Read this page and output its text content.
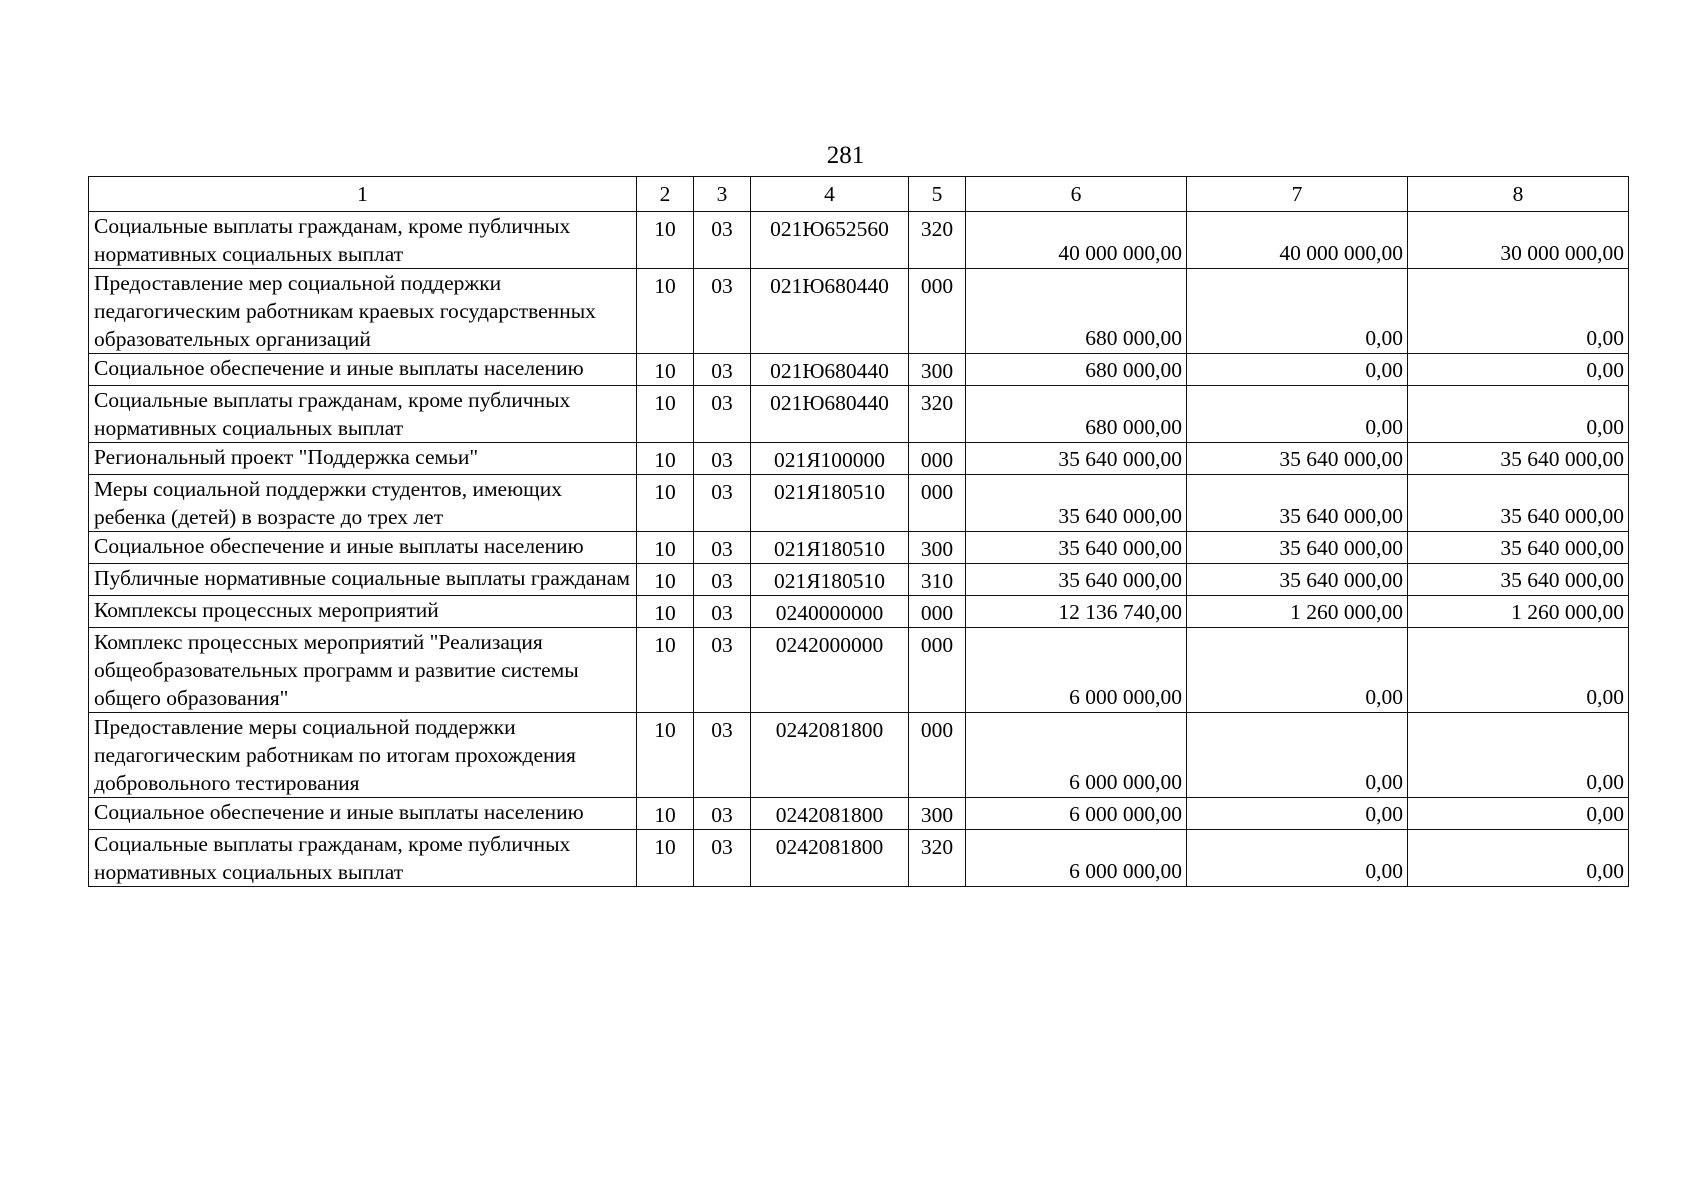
281
1	2	3	4	5	6	7	8
Социальные выплаты гражданам, кроме публичных нормативных социальных выплат	10	03	021Ю652560	320	40 000 000,00	40 000 000,00	30 000 000,00
Предоставление мер социальной поддержки педагогическим работникам краевых государственных образовательных организаций	10	03	021Ю680440	000	680 000,00	0,00	0,00
Социальное обеспечение и иные выплаты населению	10	03	021Ю680440	300	680 000,00	0,00	0,00
Социальные выплаты гражданам, кроме публичных нормативных социальных выплат	10	03	021Ю680440	320	680 000,00	0,00	0,00
Региональный проект "Поддержка семьи"	10	03	021Я100000	000	35 640 000,00	35 640 000,00	35 640 000,00
Меры социальной поддержки студентов, имеющих ребенка (детей) в возрасте до трех лет	10	03	021Я180510	000	35 640 000,00	35 640 000,00	35 640 000,00
Социальное обеспечение и иные выплаты населению	10	03	021Я180510	300	35 640 000,00	35 640 000,00	35 640 000,00
Публичные нормативные социальные выплаты гражданам	10	03	021Я180510	310	35 640 000,00	35 640 000,00	35 640 000,00
Комплексы процессных мероприятий	10	03	0240000000	000	12 136 740,00	1 260 000,00	1 260 000,00
Комплекс процессных мероприятий "Реализация общеобразовательных программ и развитие системы общего образования"	10	03	0242000000	000	6 000 000,00	0,00	0,00
Предоставление меры социальной поддержки педагогическим работникам по итогам прохождения добровольного тестирования	10	03	0242081800	000	6 000 000,00	0,00	0,00
Социальное обеспечение и иные выплаты населению	10	03	0242081800	300	6 000 000,00	0,00	0,00
Социальные выплаты гражданам, кроме публичных нормативных социальных выплат	10	03	0242081800	320	6 000 000,00	0,00	0,00
